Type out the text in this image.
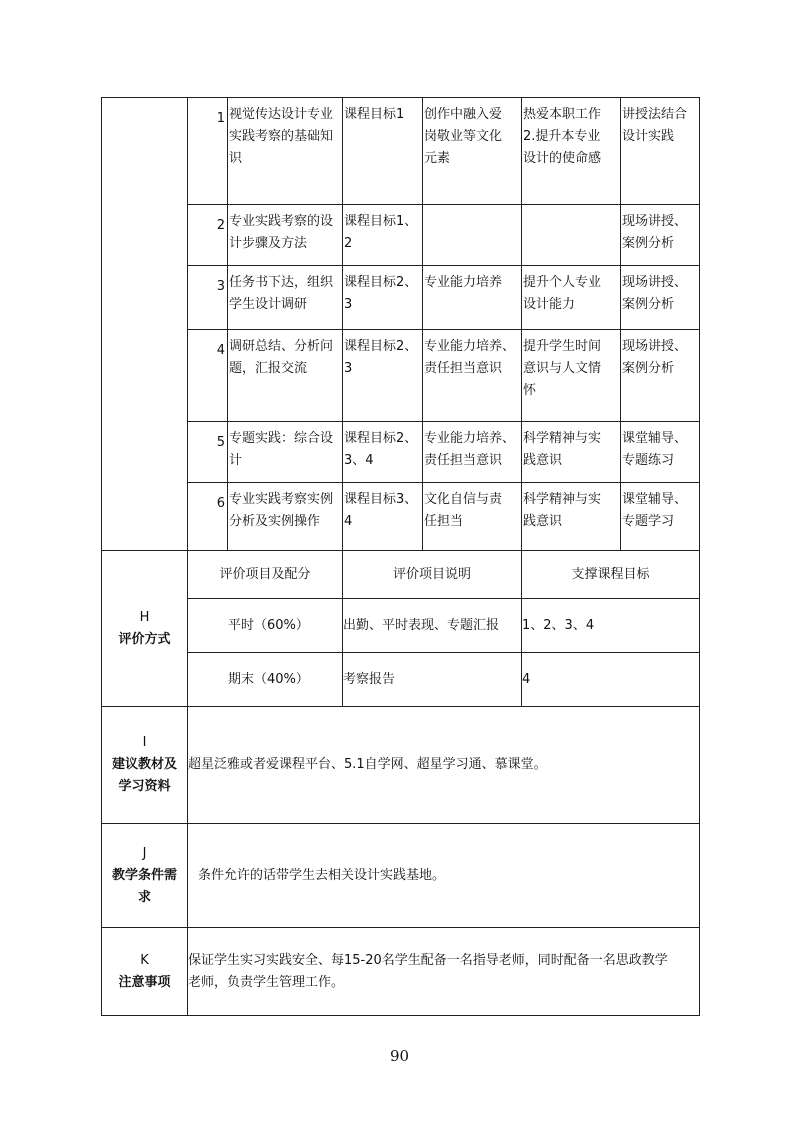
	1	视觉传达设计专业
实践考察的基础知
识	课程目标1	创作中融入爱
岗敬业等文化
元素	热爱本职工作
2.提升本专业
设计的使命感	讲授法结合
设计实践

	2	专业实践考察的设
计步骤及方法	课程目标1、2			现场讲授、
案例分析

	3	任务书下达，组织
学生设计调研	课程目标2、3	专业能力培养	提升个人专业
设计能力	现场讲授、
案例分析

	4	调研总结、分析问
题，汇报交流	课程目标2、3	专业能力培养、
责任担当意识	提升学生时间
意识与人文情
怀	现场讲授、
案例分析

	5	专题实践：综合设
计	课程目标2、
3、4	专业能力培养、
责任担当意识	科学精神与实
践意识	课堂辅导、
专题练习

	6	专业实践考察实例
分析及实例操作	课程目标3、4	文化自信与责
任担当	科学精神与实
践意识	课堂辅导、
专题学习

H
评价方式	评价项目及配分		评价项目说明		支撑课程目标	
	平时（60%）		出勤、平时表现、专题汇报		1、2、3、4	
	期末（40%）		考察报告		4	

I
建议教材及
学习资料	超星泛雅或者爱课程平台、5.1自学网、超星学习通、慕课堂。					

J
教学条件需
求	条件允许的话带学生去相关设计实践基地。					

K
注意事项	保证学生实习实践安全、每15-20名学生配备一名指导老师，同时配备一名思政教学
老师，负责学生管理工作。					
90
